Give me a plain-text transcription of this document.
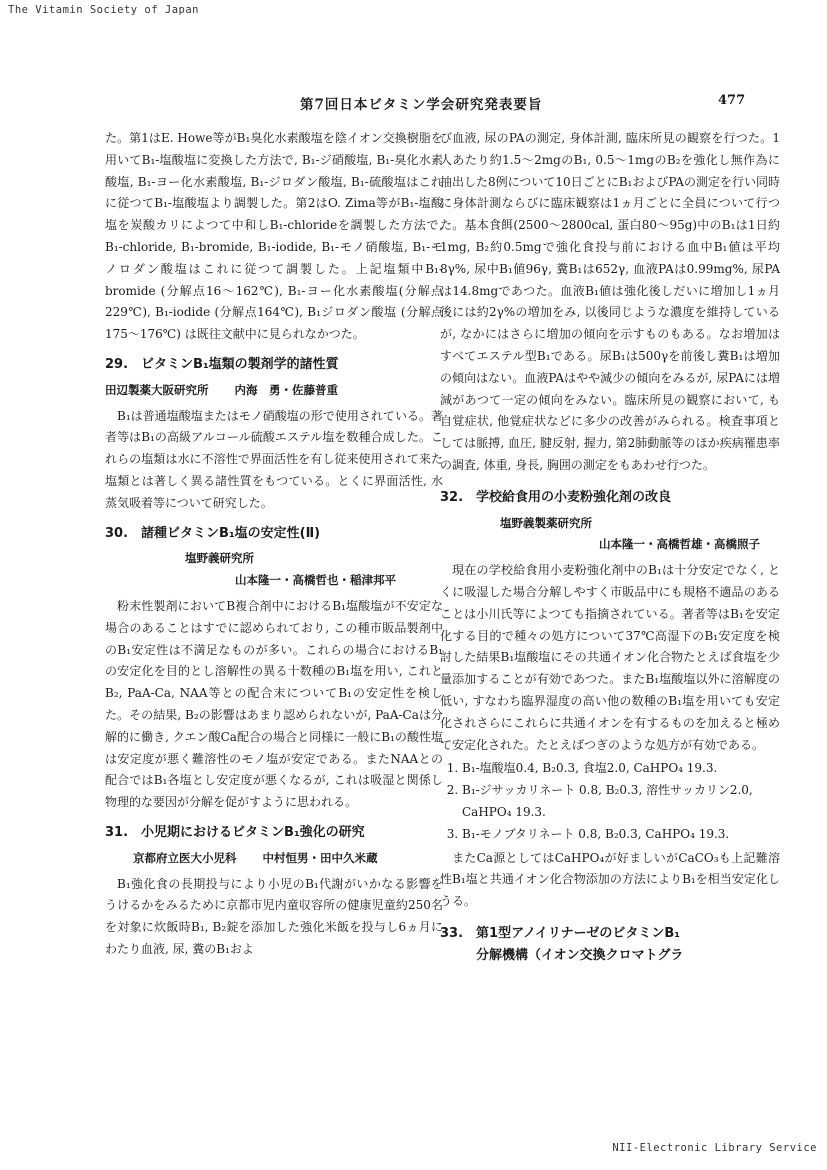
The Vitamin Society of Japan
第7回日本ビタミン学会研究発表要旨	477

た。第1はE. Howe等がB₁臭化水素酸塩を陰イオン交換樹脂を用いてB₁-塩酸塩に変換した方法で, B₁-ジ硝酸塩, B₁-臭化水素酸塩, B₁-ヨー化水素酸塩, B₁-ジロダン酸塩, B₁-硫酸塩はこれに従つてB₁-塩酸塩より調製した。第2はO. Zima等がB₁-塩酸塩を炭酸カリによつて中和しB₁-chlorideを調製した方法で, B₁-chloride, B₁-bromide, B₁-iodide, B₁-モノ硝酸塩, B₁-モノロダン酸塩はこれに従つて調製した。上記塩類中B₁-bromide (分解点16～162℃), B₁-ヨー化水素酸塩(分解点229℃), B₁-iodide (分解点164℃), B₁ジロダン酸塩 (分解点175～176℃) は既往文献中に見られなかつた。

29.　ビタミンB₁塩類の製剤学的諸性質
田辺製薬大阪研究所 内海　勇・佐藤普重

B₁は普通塩酸塩またはモノ硝酸塩の形で使用されている。著者等はB₁の高級アルコール硫酸エステル塩を数種合成した。これらの塩類は水に不溶性で界面活性を有し従来使用されて来た塩類とは著しく異る諸性質をもつている。とくに界面活性, 水蒸気吸着等について研究した。

30.　諸種ビタミンB₁塩の安定性(Ⅱ)
塩野義研究所
山本隆一・高橋哲也・稲津邦平

粉末性製剤においてB複合剤中におけるB₁塩酸塩が不安定な場合のあることはすでに認められており, この種市販品製剤中のB₁安定性は不満足なものが多い。これらの場合におけるB₁の安定化を目的とし溶解性の異る十数種のB₁塩を用い, これとB₂, PaA-Ca, NAA等との配合末についてB₁の安定性を検した。その結果, B₂の影響はあまり認められないが, PaA-Caは分解的に働き, クエン酸Ca配合の場合と同様に一般にB₁の酸性塩は安定度が悪く難溶性のモノ塩が安定である。またNAAとの配合ではB₁各塩とし安定度が悪くなるが, これは吸湿と関係し物理的な要因が分解を促がすように思われる。

31.　小児期におけるビタミンB₁強化の研究
京都府立医大小児科 中村恒男・田中久米蔵

B₁強化食の長期投与により小児のB₁代謝がいかなる影響をうけるかをみるために京都市児内童収容所の健康児童約250名を対象に炊飯時B₁, B₂錠を添加した強化米飯を投与し6ヵ月にわたり血液, 尿, 糞のB₁およ

び血液, 尿のPAの測定, 身体計測, 臨床所見の観察を行つた。1人あたり約1.5～2mgのB₁, 0.5～1mgのB₂を強化し無作為に抽出した8例について10日ごとにB₁およびPAの測定を行い同時に身体計測ならびに臨床観察は1ヵ月ごとに全員について行つた。基本食餌(2500～2800cal, 蛋白80～95g)中のB₁は1日約1mg, B₂約0.5mgで強化食投与前における血中B₁値は平均8γ%, 尿中B₁値96γ, 糞B₁は652γ, 血液PAは0.99mg%, 尿PAは14.8mgであつた。血液B₁値は強化後しだいに増加し1ヵ月後には約2γ%の増加をみ, 以後同じような濃度を維持しているが, なかにはさらに増加の傾向を示すものもある。なお増加はすべてエステル型B₁である。尿B₁は500γを前後し糞B₁は増加の傾向はない。血液PAはやや減少の傾向をみるが, 尿PAには増減があつて一定の傾向をみない。臨床所見の観察において, も自覚症状, 他覚症状などに多少の改善がみられる。検査事項としては脈搏, 血圧, 腱反射, 握力, 第2肺動脈等のほか疾病罹患率の調査, 体重, 身長, 胸囲の測定をもあわせ行つた。

32.　学校給食用の小麦粉強化剤の改良
塩野義製薬研究所
山本隆一・高橋哲雄・高橋照子

現在の学校給食用小麦粉強化剤中のB₁は十分安定でなく, とくに吸湿した場合分解しやすく市販品中にも規格不適品のあることは小川氏等によつても指摘されている。著者等はB₁を安定化する目的で種々の処方について37℃高湿下のB₁安定度を検討した結果B₁塩酸塩にその共通イオン化合物たとえば食塩を少量添加することが有効であつた。またB₁塩酸塩以外に溶解度の低い, すなわち臨界湿度の高い他の数種のB₁塩を用いても安定化されさらにこれらに共通イオンを有するものを加えると極めて安定化された。たとえばつぎのような処方が有効である。

1. B₁-塩酸塩0.4, B₂0.3, 食塩2.0, CaHPO₄ 19.3.
2. B₁-ジサッカリネート 0.8, B₂0.3, 溶性サッカリン2.0, CaHPO₄ 19.3.
3. B₁-モノブタリネート 0.8, B₂0.3, CaHPO₄ 19.3.

またCa源としてはCaHPO₄が好ましいがCaCO₃も上記難溶性B₁塩と共通イオン化合物添加の方法によりB₁を相当安定化しうる。

33.　第1型アノイリナーゼのビタミンB₁
分解機構（イオン交換クロマトグラ
NII-Electronic Library Service
